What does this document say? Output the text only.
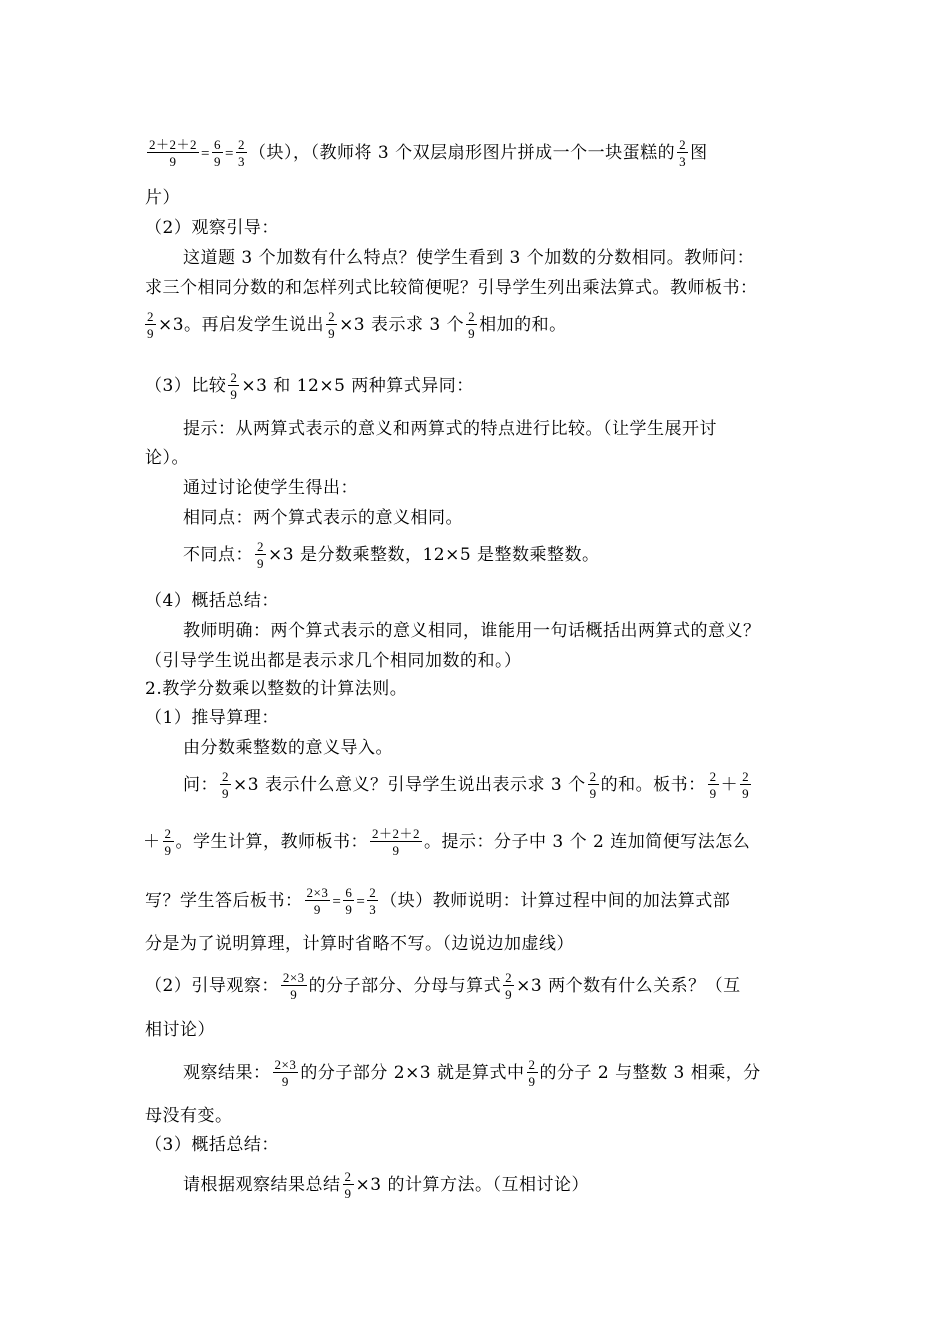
$\frac{2+2+2}{9} = \frac{6}{9} = \frac{2}{3}$ （块），（教师将 3 个双层扇形图片拼成一个一块蛋糕的 $\frac{2}{3}$ 图
片）
（2）观察引导：
这道题 3 个加数有什么特点？使学生看到 3 个加数的分数相同。教师问：
求三个相同分数的和怎样列式比较简便呢？引导学生列出乘法算式。教师板书：
$\frac{2}{9} \times 3$。再启发学生说出 $\frac{2}{9} \times 3$ 表示求 3 个 $\frac{2}{9}$ 相加的和。
（3）比较 $\frac{2}{9} \times 3$ 和 12×5 两种算式异同：
提示：从两算式表示的意义和两算式的特点进行比较。（让学生展开讨
论）。
通过讨论使学生得出：
相同点：两个算式表示的意义相同。
不同点： $\frac{2}{9} \times 3$ 是分数乘整数，12×5 是整数乘整数。
（4）概括总结：
教师明确：两个算式表示的意义相同，谁能用一句话概括出两算式的意义？
（引导学生说出都是表示求几个相同加数的和。）
2.教学分数乘以整数的计算法则。
（1）推导算理：
由分数乘整数的意义导入。
问： $\frac{2}{9} \times 3$ 表示什么意义？引导学生说出表示求 3 个 $\frac{2}{9}$ 的和。板书： $\frac{2}{9} + \frac{2}{9}$
＋ $\frac{2}{9}$ 。学生计算，教师板书： $\frac{2+2+2}{9}$ 。提示：分子中 3 个 2 连加简便写法怎么
写？学生答后板书： $\frac{2\times 3}{9} = \frac{6}{9} = \frac{2}{3}$ （块）教师说明：计算过程中间的加法算式部
分是为了说明算理，计算时省略不写。（边说边加虚线）
（2）引导观察： $\frac{2\times 3}{9}$ 的分子部分、分母与算式 $\frac{2}{9} \times 3$ 两个数有什么关系？（互
相讨论）
观察结果： $\frac{2\times 3}{9}$ 的分子部分 2×3 就是算式中 $\frac{2}{9}$ 的分子 2 与整数 3 相乘，分
母没有变。
（3）概括总结：
请根据观察结果总结 $\frac{2}{9} \times 3$ 的计算方法。（互相讨论）
